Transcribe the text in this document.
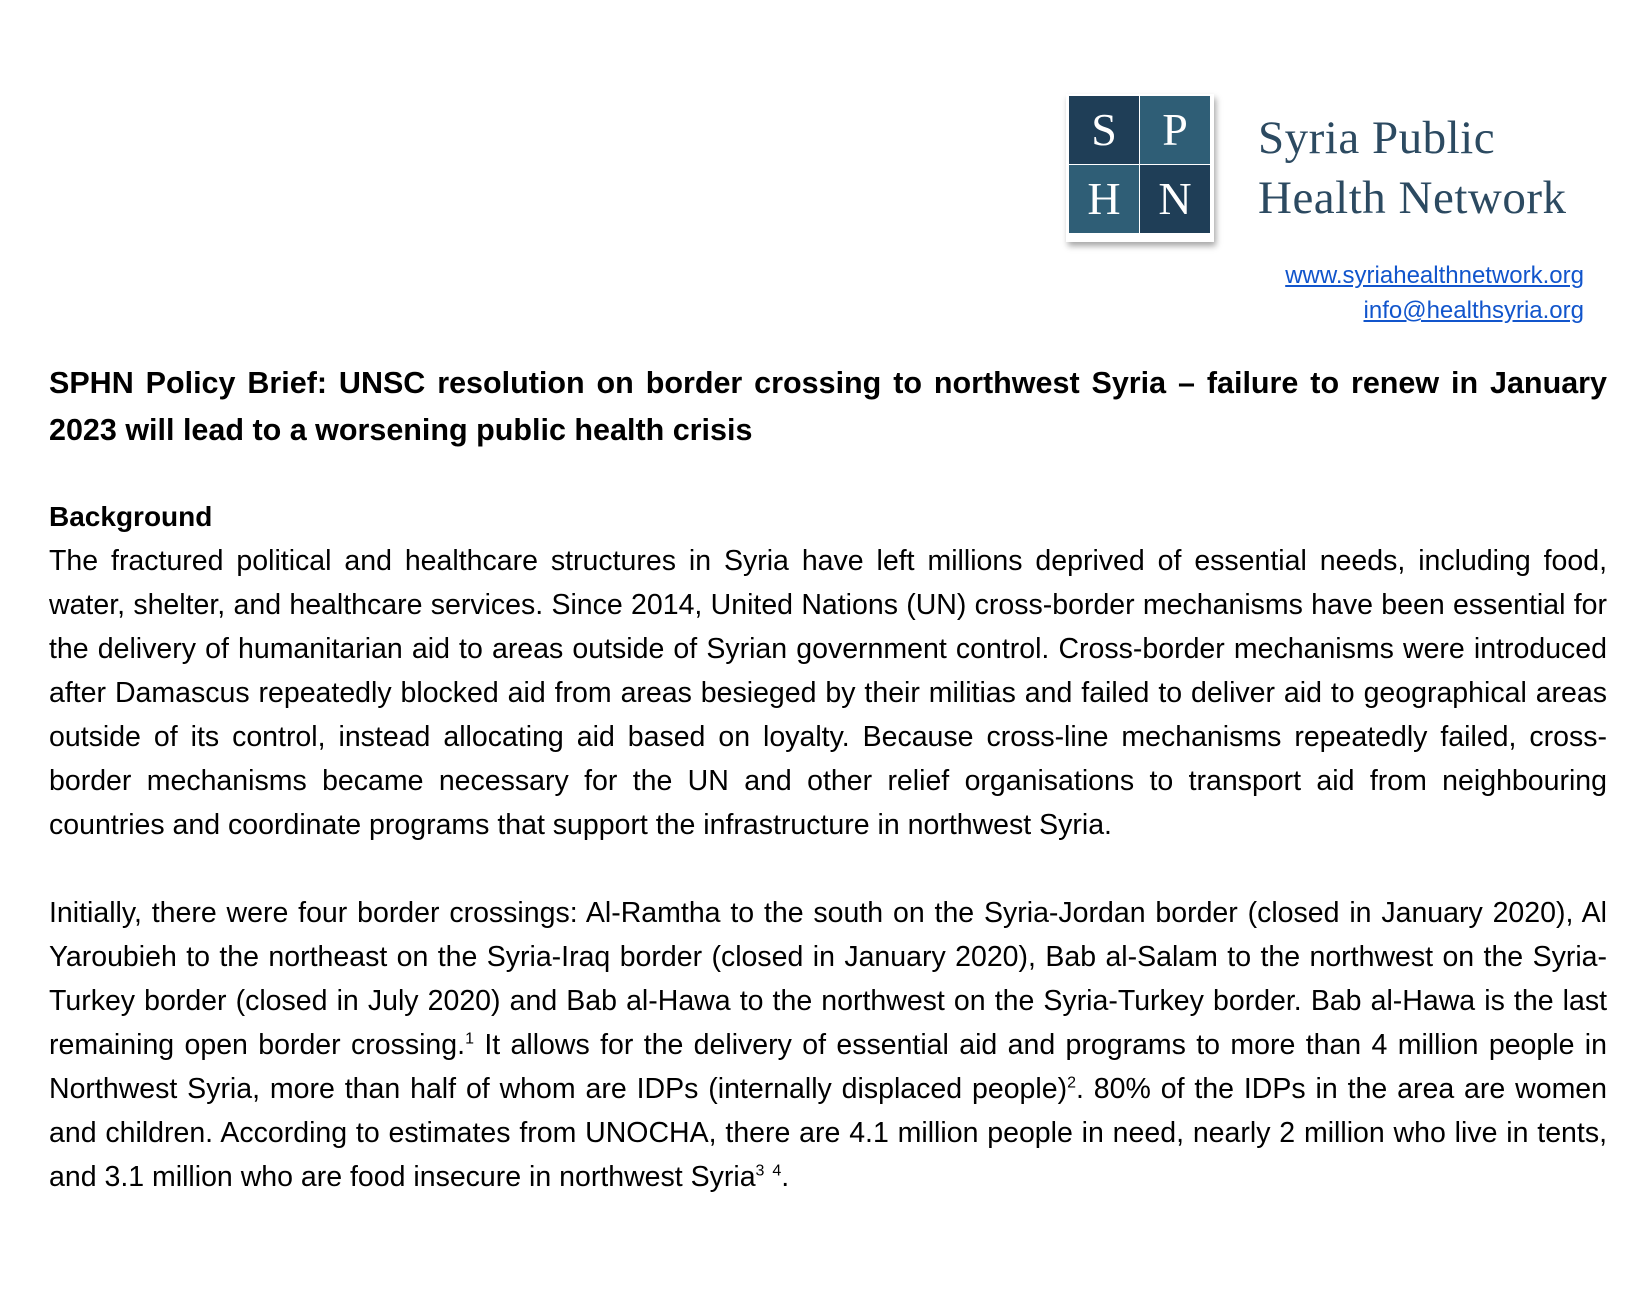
S P
H N
Syria Public
Health Network
www.syriahealthnetwork.org
info@healthsyria.org

SPHN Policy Brief: UNSC resolution on border crossing to northwest Syria – failure to renew in January 2023 will lead to a worsening public health crisis

Background

The fractured political and healthcare structures in Syria have left millions deprived of essential needs, including food, water, shelter, and healthcare services. Since 2014, United Nations (UN) cross-border mechanisms have been essential for the delivery of humanitarian aid to areas outside of Syrian government control. Cross-border mechanisms were introduced after Damascus repeatedly blocked aid from areas besieged by their militias and failed to deliver aid to geographical areas outside of its control, instead allocating aid based on loyalty. Because cross-line mechanisms repeatedly failed, cross-border mechanisms became necessary for the UN and other relief organisations to transport aid from neighbouring countries and coordinate programs that support the infrastructure in northwest Syria.

Initially, there were four border crossings: Al-Ramtha to the south on the Syria-Jordan border (closed in January 2020), Al Yaroubieh to the northeast on the Syria-Iraq border (closed in January 2020), Bab al-Salam to the northwest on the Syria-Turkey border (closed in July 2020) and Bab al-Hawa to the northwest on the Syria-Turkey border. Bab al-Hawa is the last remaining open border crossing.$^1$ It allows for the delivery of essential aid and programs to more than 4 million people in Northwest Syria, more than half of whom are IDPs (internally displaced people)$^2$. 80% of the IDPs in the area are women and children. According to estimates from UNOCHA, there are 4.1 million people in need, nearly 2 million who live in tents, and 3.1 million who are food insecure in northwest Syria$^3$ $^4$.
